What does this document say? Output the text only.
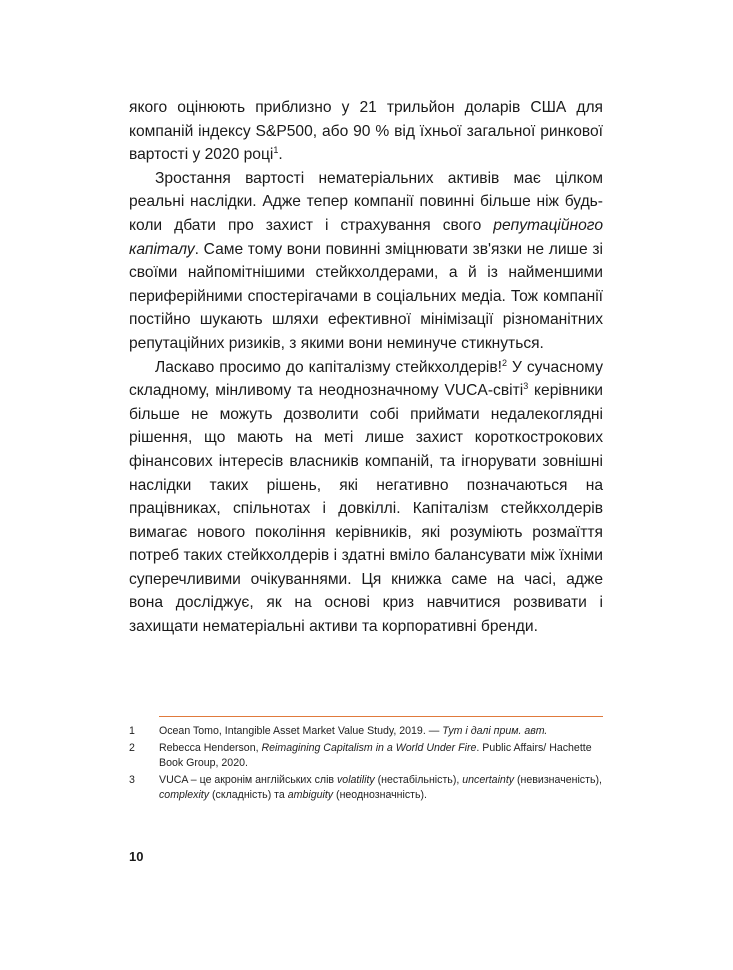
якого оцінюють приблизно у 21 трильйон доларів США для компаній індексу S&P500, або 90 % від їхньої загальної ринкової вартості у 2020 році$^1$.

Зростання вартості нематеріальних активів має цілком реальні наслідки. Адже тепер компанії повинні більше ніж будь-коли дбати про захист і страхування свого репутаційного капіталу. Саме тому вони повинні зміцнювати зв'язки не лише зі своїми найпомітнішими стейкхолдерами, а й із найменшими периферійними спостерігачами в соціальних медіа. Тож компанії постійно шукають шляхи ефективної мінімізації різноманітних репутаційних ризиків, з якими вони неминуче стикнуться.

Ласкаво просимо до капіталізму стейкхолдерів!$^2$ У сучасному складному, мінливому та неоднозначному VUCA-світі$^3$ керівники більше не можуть дозволити собі приймати недалекоглядні рішення, що мають на меті лише захист короткострокових фінансових інтересів власників компаній, та ігнорувати зовнішні наслідки таких рішень, які негативно позначаються на працівниках, спільнотах і довкіллі. Капіталізм стейкхолдерів вимагає нового покоління керівників, які розуміють розмаїття потреб таких стейкхолдерів і здатні вміло балансувати між їхніми суперечливими очікуваннями. Ця книжка саме на часі, адже вона досліджує, як на основі криз навчитися розвивати і захищати нематеріальні активи та корпоративні бренди.

1 Ocean Tomo, Intangible Asset Market Value Study, 2019. — Тут і далі прим. авт.
2 Rebecca Henderson, Reimagining Capitalism in a World Under Fire. Public Affairs/ Hachette Book Group, 2020.
3 VUCA – це акронім англійських слів volatility (нестабільність), uncertainty (невизначеність), complexity (складність) та ambiguity (неоднозначність).
10
